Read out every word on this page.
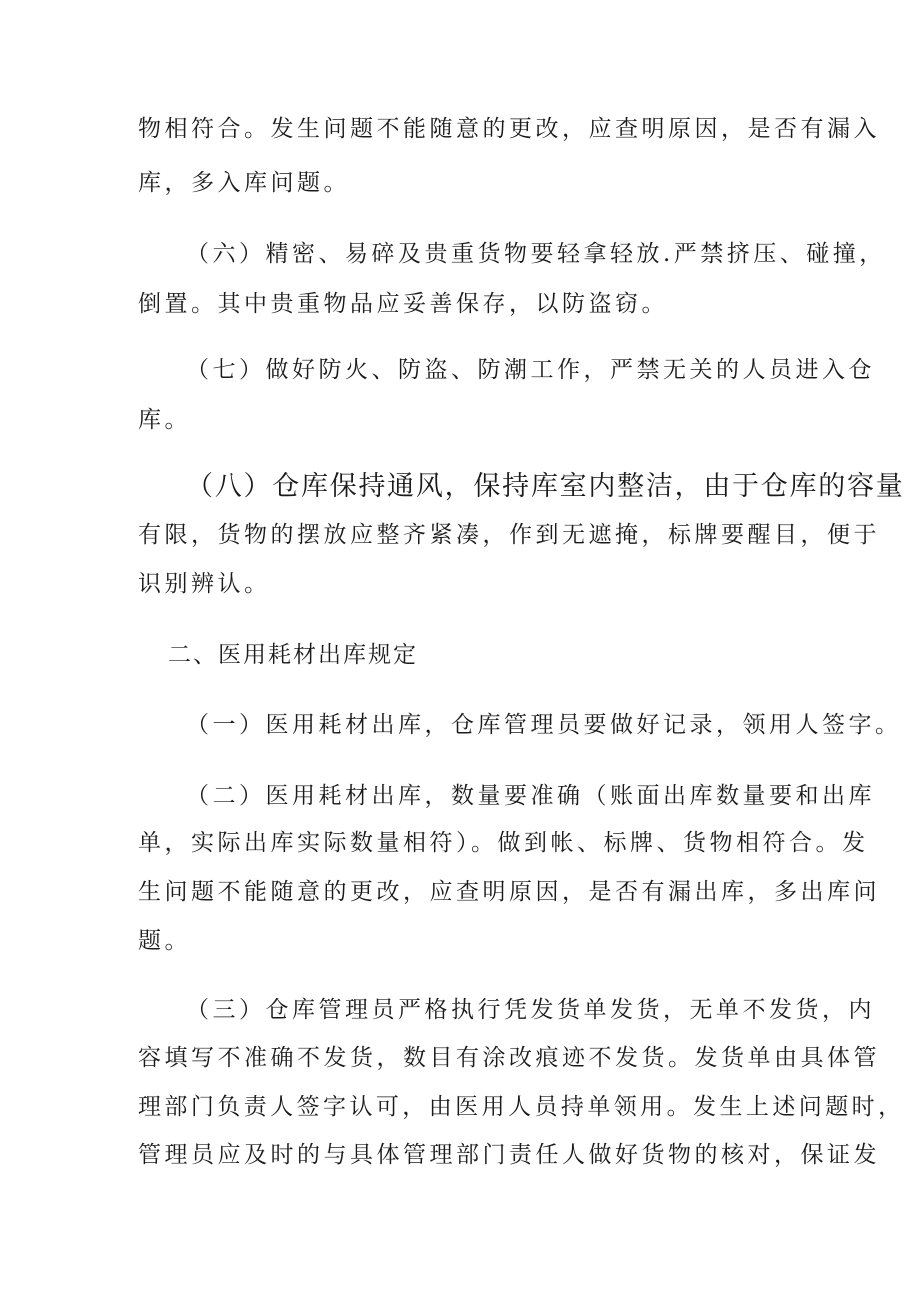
物相符合。发生问题不能随意的更改，应查明原因，是否有漏入
库，多入库问题。
（六）精密、易碎及贵重货物要轻拿轻放.严禁挤压、碰撞，
倒置。其中贵重物品应妥善保存，以防盗窃。
（七）做好防火、防盗、防潮工作，严禁无关的人员进入仓
库。
（八）仓库保持通风，保持库室内整洁，由于仓库的容量
有限，货物的摆放应整齐紧凑，作到无遮掩，标牌要醒目，便于
识别辨认。
二、医用耗材出库规定
（一）医用耗材出库，仓库管理员要做好记录，领用人签字。
（二）医用耗材出库，数量要准确（账面出库数量要和出库
单，实际出库实际数量相符）。做到帐、标牌、货物相符合。发
生问题不能随意的更改，应查明原因，是否有漏出库，多出库问
题。
（三）仓库管理员严格执行凭发货单发货，无单不发货，内
容填写不准确不发货，数目有涂改痕迹不发货。发货单由具体管
理部门负责人签字认可，由医用人员持单领用。发生上述问题时，
管理员应及时的与具体管理部门责任人做好货物的核对，保证发
